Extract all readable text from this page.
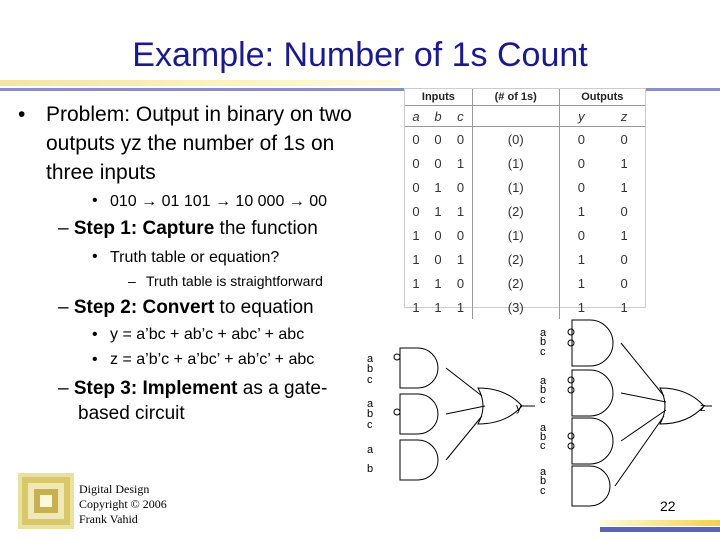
Example: Number of 1s Count
• Problem: Output in binary on two
outputs yz the number of 1s on
three inputs
• 010 → 01 101 → 10 000 → 00
– Step 1: Capture the function
• Truth table or equation?
– Truth table is straightforward
– Step 2: Convert to equation
• y = a’bc + ab’c + abc’ + abc
• z = a’b’c + a’bc’ + ab’c’ + abc
– Step 3: Implement as a gate-
based circuit
Inputs			(# of 1s)	Outputs	
a	b	c		y	z
0	0	0	(0)	0	0
0	0	1	(1)	0	1
0	1	0	(1)	0	1
0	1	1	(2)	1	0
1	0	0	(1)	0	1
1	0	1	(2)	1	0
1	1	0	(2)	1	0
1	1	1	(3)	1	1
a
b
c
a
b
c
a
b
y
a
b
c
a
b
c
a
b
c
a
b
c
z
Digital Design
Copyright © 2006
Frank Vahid
22
